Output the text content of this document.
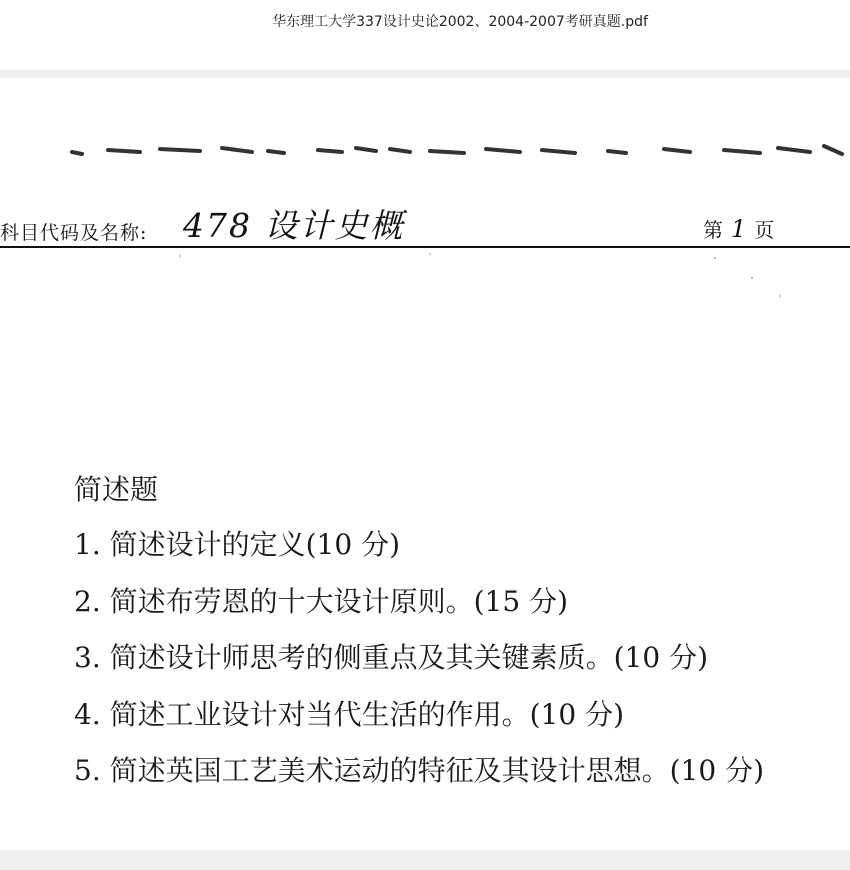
华东理工大学337设计史论2002、2004-2007考研真题.pdf
科目代码及名称: 478 设计史概	第1页
简述题
1. 简述设计的定义(10 分)
2. 简述布劳恩的十大设计原则。(15 分)
3. 简述设计师思考的侧重点及其关键素质。(10 分)
4. 简述工业设计对当代生活的作用。(10 分)
5. 简述英国工艺美术运动的特征及其设计思想。(10 分)
